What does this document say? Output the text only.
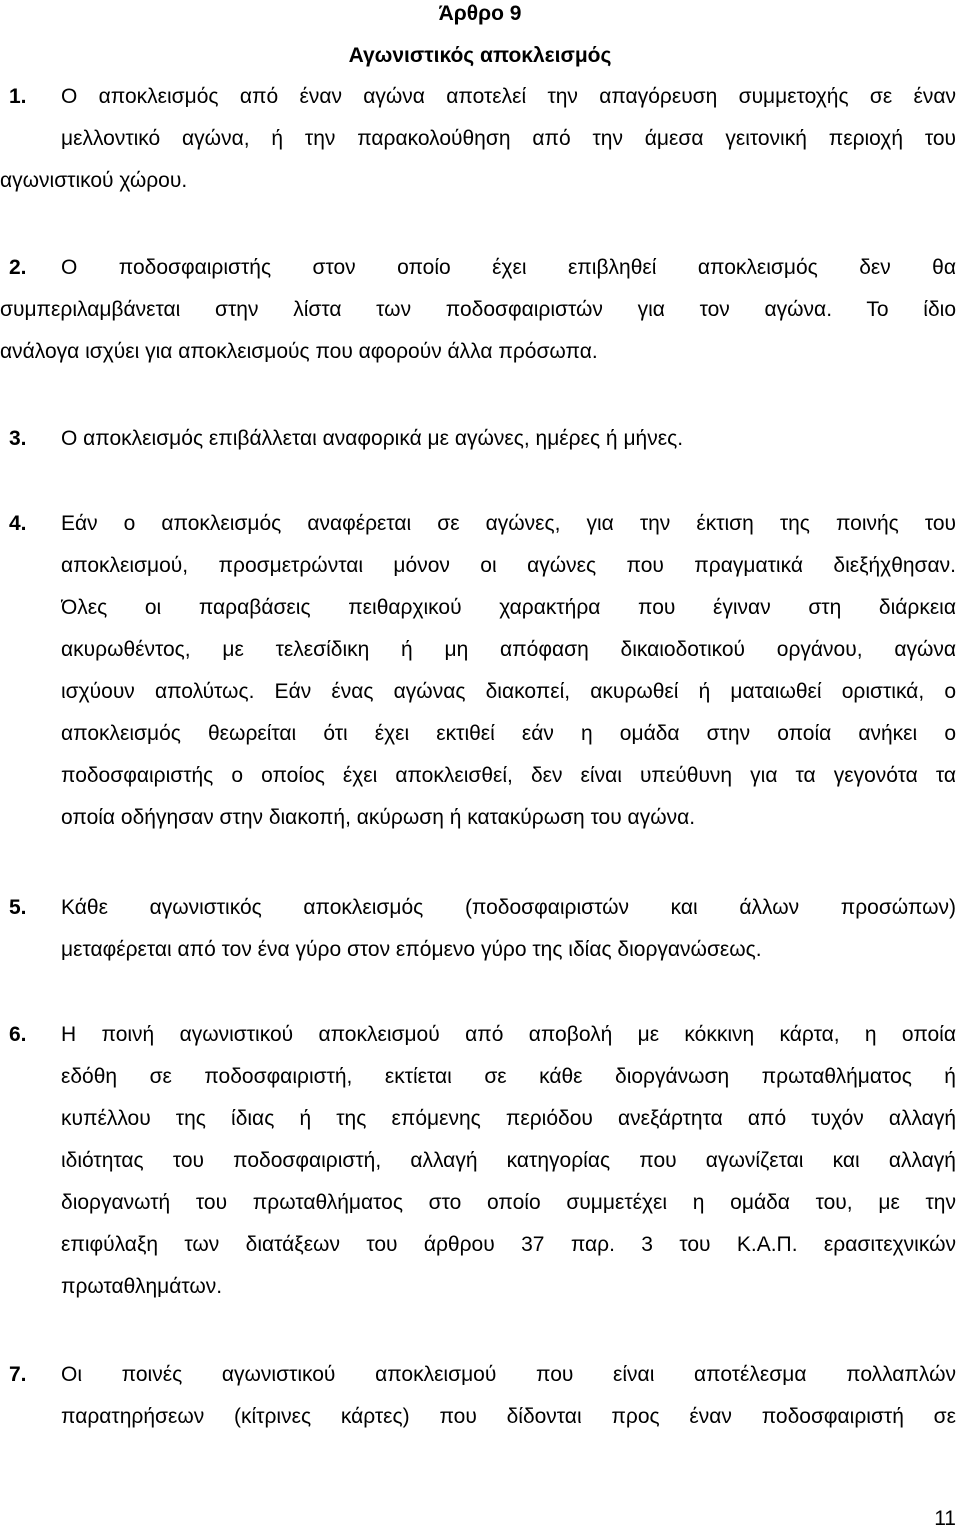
Άρθρο 9
Αγωνιστικός αποκλεισμός
1. Ο αποκλεισμός από έναν αγώνα αποτελεί την απαγόρευση συμμετοχής σε έναν
μελλοντικό αγώνα, ή την παρακολούθηση από την άμεσα γειτονική περιοχή του
αγωνιστικού χώρου.
2. Ο ποδοσφαιριστής στον οποίο έχει επιβληθεί αποκλεισμός δεν θα
συμπεριλαμβάνεται στην λίστα των ποδοσφαιριστών για τον αγώνα. Το ίδιο
ανάλογα ισχύει για αποκλεισμούς που αφορούν άλλα πρόσωπα.
3. Ο αποκλεισμός επιβάλλεται αναφορικά με αγώνες, ημέρες ή μήνες.
4. Εάν ο αποκλεισμός αναφέρεται σε αγώνες, για την έκτιση της ποινής του
αποκλεισμού, προσμετρώνται μόνον οι αγώνες που πραγματικά διεξήχθησαν.
Όλες οι παραβάσεις πειθαρχικού χαρακτήρα που έγιναν στη διάρκεια
ακυρωθέντος, με τελεσίδικη ή μη απόφαση δικαιοδοτικού οργάνου, αγώνα
ισχύουν απολύτως. Εάν ένας αγώνας διακοπεί, ακυρωθεί ή ματαιωθεί οριστικά, ο
αποκλεισμός θεωρείται ότι έχει εκτιθεί εάν η ομάδα στην οποία ανήκει ο
ποδοσφαιριστής ο οποίος έχει αποκλεισθεί, δεν είναι υπεύθυνη για τα γεγονότα τα
οποία οδήγησαν στην διακοπή, ακύρωση ή κατακύρωση του αγώνα.
5. Κάθε αγωνιστικός αποκλεισμός (ποδοσφαιριστών και άλλων προσώπων)
μεταφέρεται από τον ένα γύρο στον επόμενο γύρο της ιδίας διοργανώσεως.
6. Η ποινή αγωνιστικού αποκλεισμού από αποβολή με κόκκινη κάρτα, η οποία
εδόθη σε ποδοσφαιριστή, εκτίεται σε κάθε διοργάνωση πρωταθλήματος ή
κυπέλλου της ίδιας ή της επόμενης περιόδου ανεξάρτητα από τυχόν αλλαγή
ιδιότητας του ποδοσφαιριστή, αλλαγή κατηγορίας που αγωνίζεται και αλλαγή
διοργανωτή του πρωταθλήματος στο οποίο συμμετέχει η ομάδα του, με την
επιφύλαξη των διατάξεων του άρθρου 37 παρ. 3 του Κ.Α.Π. ερασιτεχνικών
πρωταθλημάτων.
7. Οι ποινές αγωνιστικού αποκλεισμού που είναι αποτέλεσμα πολλαπλών
παρατηρήσεων (κίτρινες κάρτες) που δίδονται προς έναν ποδοσφαιριστή σε
11
